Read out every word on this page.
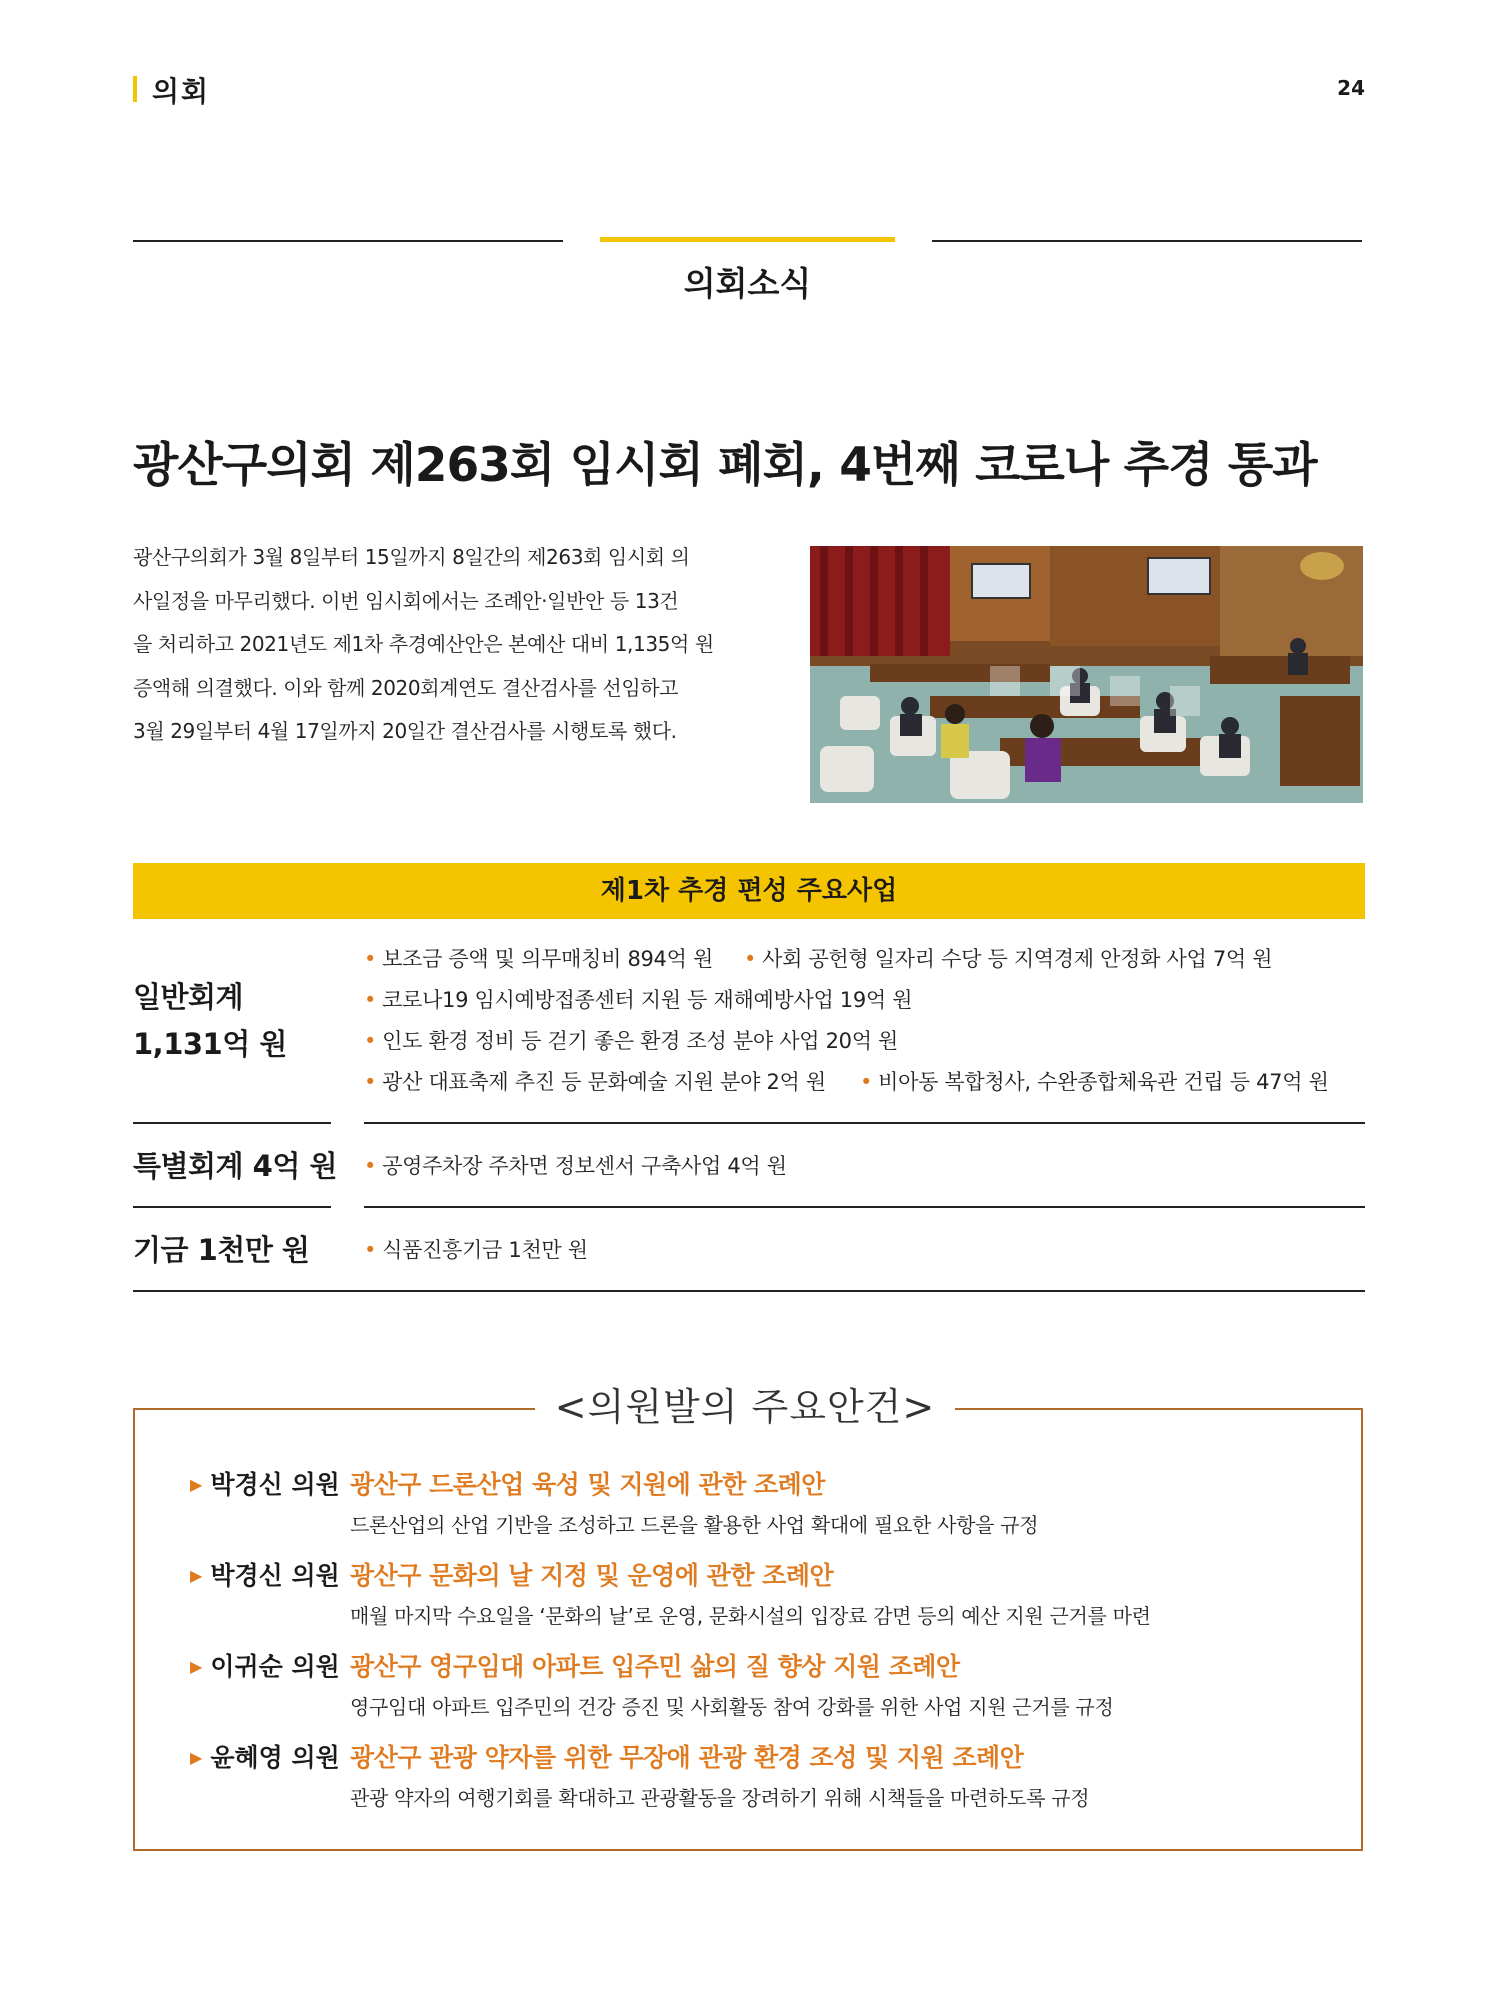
의회	24
의회소식
광산구의회 제263회 임시회 폐회, 4번째 코로나 추경 통과
광산구의회가 3월 8일부터 15일까지 8일간의 제263회 임시회 의
사일정을 마무리했다. 이번 임시회에서는 조례안·일반안 등 13건
을 처리하고 2021년도 제1차 추경예산안은 본예산 대비 1,135억 원
증액해 의결했다. 이와 함께 2020회계연도 결산검사를 선임하고
3월 29일부터 4월 17일까지 20일간 결산검사를 시행토록 했다.
제1차 추경 편성 주요사업
일반회계
1,131억 원
• 보조금 증액 및 의무매칭비 894억 원 • 사회 공헌형 일자리 수당 등 지역경제 안정화 사업 7억 원
• 코로나19 임시예방접종센터 지원 등 재해예방사업 19억 원
• 인도 환경 정비 등 걷기 좋은 환경 조성 분야 사업 20억 원
• 광산 대표축제 추진 등 문화예술 지원 분야 2억 원 • 비아동 복합청사, 수완종합체육관 건립 등 47억 원
특별회계 4억 원 • 공영주차장 주차면 정보센서 구축사업 4억 원
기금 1천만 원	• 식품진흥기금 1천만 원
<의원발의 주요안건>
▶ 박경신 의원 광산구 드론산업 육성 및 지원에 관한 조례안
드론산업의 산업 기반을 조성하고 드론을 활용한 사업 확대에 필요한 사항을 규정
▶ 박경신 의원 광산구 문화의 날 지정 및 운영에 관한 조례안
매월 마지막 수요일을 ‘문화의 날’로 운영, 문화시설의 입장료 감면 등의 예산 지원 근거를 마련
▶ 이귀순 의원 광산구 영구임대 아파트 입주민 삶의 질 향상 지원 조례안
영구임대 아파트 입주민의 건강 증진 및 사회활동 참여 강화를 위한 사업 지원 근거를 규정
▶ 윤혜영 의원 광산구 관광 약자를 위한 무장애 관광 환경 조성 및 지원 조례안
관광 약자의 여행기회를 확대하고 관광활동을 장려하기 위해 시책들을 마련하도록 규정
